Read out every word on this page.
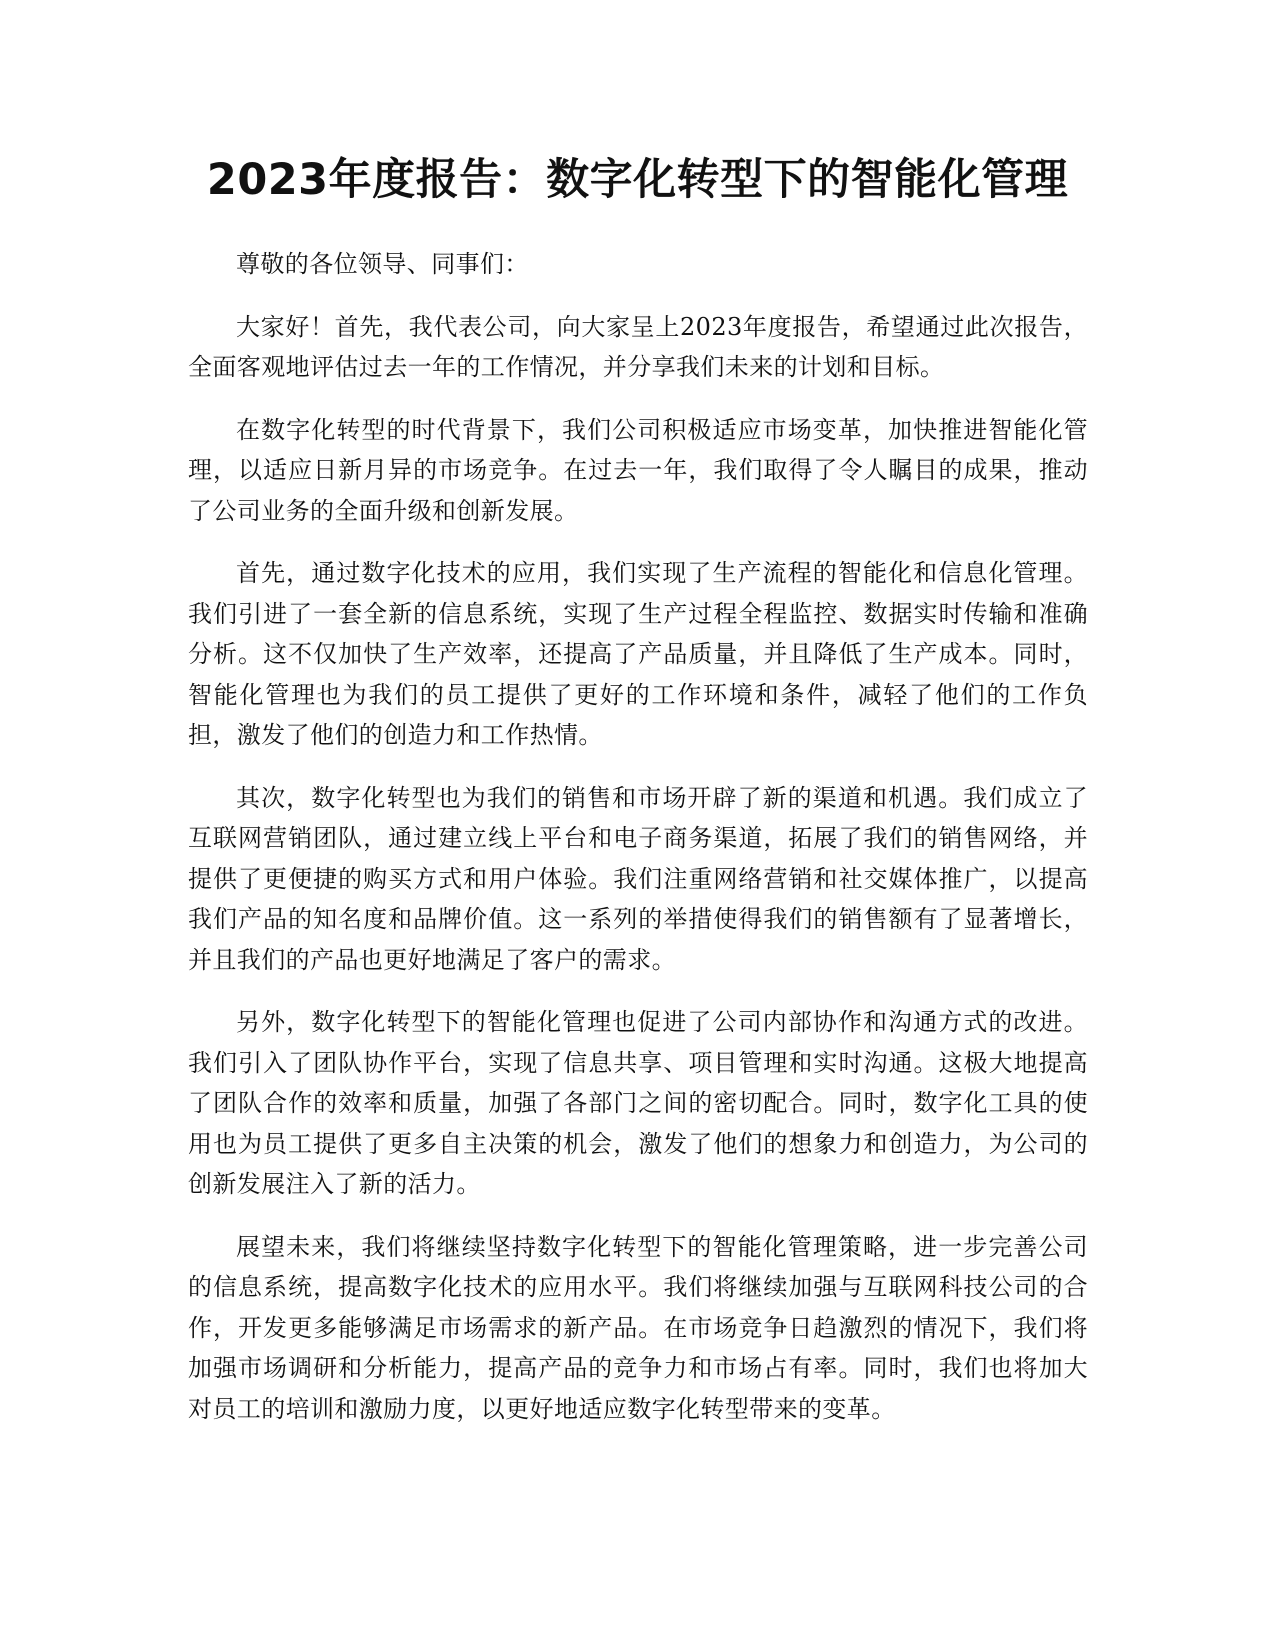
2023年度报告：数字化转型下的智能化管理

尊敬的各位领导、同事们：

大家好！首先，我代表公司，向大家呈上2023年度报告，希望通过此次报告，全面客观地评估过去一年的工作情况，并分享我们未来的计划和目标。

在数字化转型的时代背景下，我们公司积极适应市场变革，加快推进智能化管理，以适应日新月异的市场竞争。在过去一年，我们取得了令人瞩目的成果，推动了公司业务的全面升级和创新发展。

首先，通过数字化技术的应用，我们实现了生产流程的智能化和信息化管理。我们引进了一套全新的信息系统，实现了生产过程全程监控、数据实时传输和准确分析。这不仅加快了生产效率，还提高了产品质量，并且降低了生产成本。同时，智能化管理也为我们的员工提供了更好的工作环境和条件，减轻了他们的工作负担，激发了他们的创造力和工作热情。

其次，数字化转型也为我们的销售和市场开辟了新的渠道和机遇。我们成立了互联网营销团队，通过建立线上平台和电子商务渠道，拓展了我们的销售网络，并提供了更便捷的购买方式和用户体验。我们注重网络营销和社交媒体推广，以提高我们产品的知名度和品牌价值。这一系列的举措使得我们的销售额有了显著增长，并且我们的产品也更好地满足了客户的需求。

另外，数字化转型下的智能化管理也促进了公司内部协作和沟通方式的改进。我们引入了团队协作平台，实现了信息共享、项目管理和实时沟通。这极大地提高了团队合作的效率和质量，加强了各部门之间的密切配合。同时，数字化工具的使用也为员工提供了更多自主决策的机会，激发了他们的想象力和创造力，为公司的创新发展注入了新的活力。

展望未来，我们将继续坚持数字化转型下的智能化管理策略，进一步完善公司的信息系统，提高数字化技术的应用水平。我们将继续加强与互联网科技公司的合作，开发更多能够满足市场需求的新产品。在市场竞争日趋激烈的情况下，我们将加强市场调研和分析能力，提高产品的竞争力和市场占有率。同时，我们也将加大对员工的培训和激励力度，以更好地适应数字化转型带来的变革。
